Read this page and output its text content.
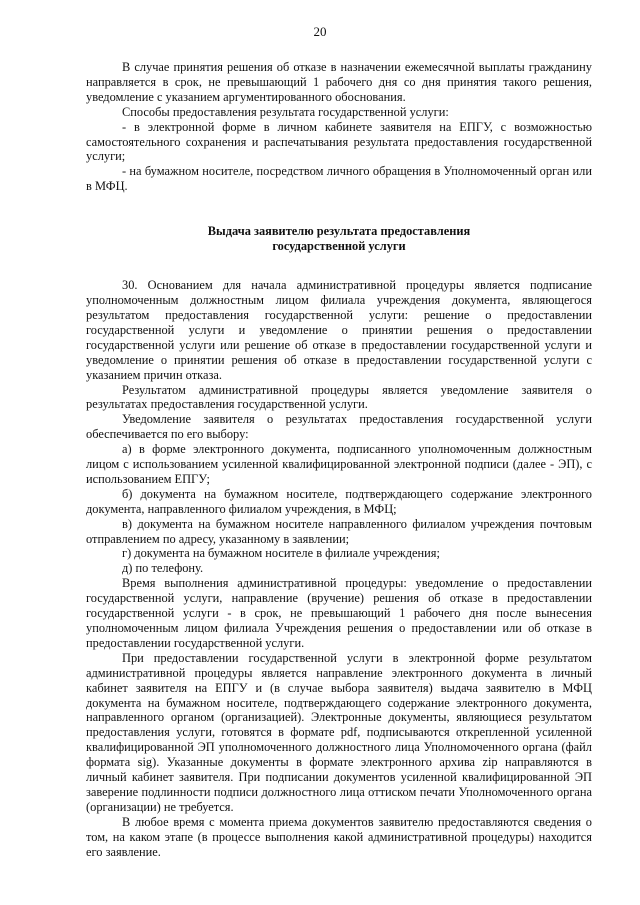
20

В случае принятия решения об отказе в назначении ежемесячной выплаты гражданину направляется в срок, не превышающий 1 рабочего дня со дня принятия такого решения, уведомление с указанием аргументированного обоснования.

Способы предоставления результата государственной услуги:

- в электронной форме в личном кабинете заявителя на ЕПГУ, с возможностью самостоятельного сохранения и распечатывания результата предоставления государственной услуги;

- на бумажном носителе, посредством личного обращения в Уполномоченный орган или в МФЦ.

Выдача заявителю результата предоставления
государственной услуги

30. Основанием для начала административной процедуры является подписание уполномоченным должностным лицом филиала учреждения документа, являющегося результатом предоставления государственной услуги: решение о предоставлении государственной услуги и уведомление о принятии решения о предоставлении государственной услуги или решение об отказе в предоставлении государственной услуги и уведомление о принятии решения об отказе в предоставлении государственной услуги с указанием причин отказа.

Результатом административной процедуры является уведомление заявителя о результатах предоставления государственной услуги.

Уведомление заявителя о результатах предоставления государственной услуги обеспечивается по его выбору:

а) в форме электронного документа, подписанного уполномоченным должностным лицом с использованием усиленной квалифицированной электронной подписи (далее - ЭП), с использованием ЕПГУ;

б) документа на бумажном носителе, подтверждающего содержание электронного документа, направленного филиалом учреждения, в МФЦ;

в) документа на бумажном носителе направленного филиалом учреждения почтовым отправлением по адресу, указанному в заявлении;

г) документа на бумажном носителе в филиале учреждения;

д) по телефону.

Время выполнения административной процедуры: уведомление о предоставлении государственной услуги, направление (вручение) решения об отказе в предоставлении государственной услуги - в срок, не превышающий 1 рабочего дня после вынесения уполномоченным лицом филиала Учреждения решения о предоставлении или об отказе в предоставлении государственной услуги.

При предоставлении государственной услуги в электронной форме результатом административной процедуры является направление электронного документа в личный кабинет заявителя на ЕПГУ и (в случае выбора заявителя) выдача заявителю в МФЦ документа на бумажном носителе, подтверждающего содержание электронного документа, направленного органом (организацией). Электронные документы, являющиеся результатом предоставления услуги, готовятся в формате pdf, подписываются открепленной усиленной квалифицированной ЭП уполномоченного должностного лица Уполномоченного органа (файл формата sig). Указанные документы в формате электронного архива zip направляются в личный кабинет заявителя. При подписании документов усиленной квалифицированной ЭП заверение подлинности подписи должностного лица оттиском печати Уполномоченного органа (организации) не требуется.

В любое время с момента приема документов заявителю предоставляются сведения о том, на каком этапе (в процессе выполнения какой административной процедуры) находится его заявление.
